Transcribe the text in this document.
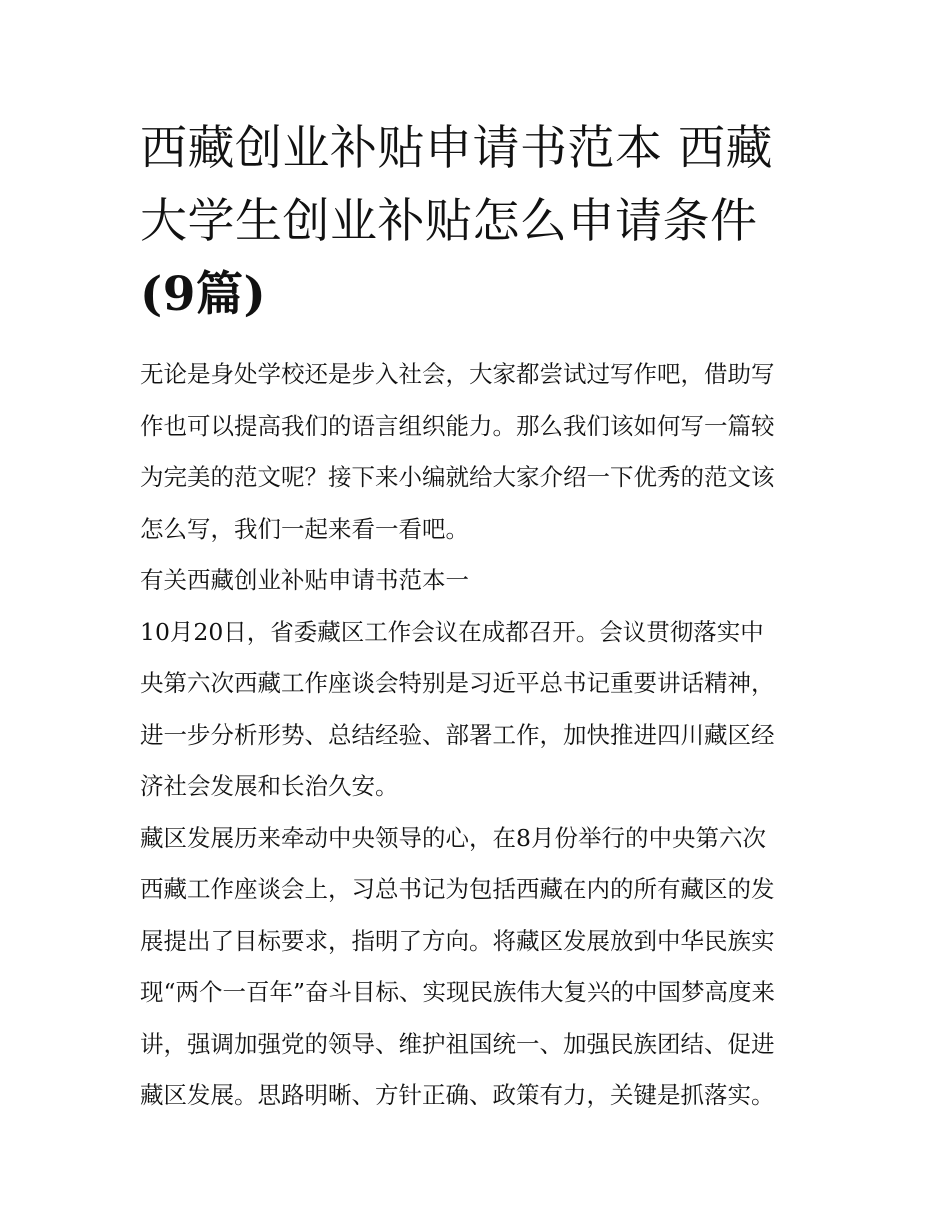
西藏创业补贴申请书范本 西藏
大学生创业补贴怎么申请条件
(9篇)

无论是身处学校还是步入社会，大家都尝试过写作吧，借助写
作也可以提高我们的语言组织能力。那么我们该如何写一篇较
为完美的范文呢？接下来小编就给大家介绍一下优秀的范文该
怎么写，我们一起来看一看吧。

有关西藏创业补贴申请书范本一

10月20日，省委藏区工作会议在成都召开。会议贯彻落实中
央第六次西藏工作座谈会特别是习近平总书记重要讲话精神，
进一步分析形势、总结经验、部署工作，加快推进四川藏区经
济社会发展和长治久安。

藏区发展历来牵动中央领导的心，在8月份举行的中央第六次
西藏工作座谈会上，习总书记为包括西藏在内的所有藏区的发
展提出了目标要求，指明了方向。将藏区发展放到中华民族实
现“两个一百年”奋斗目标、实现民族伟大复兴的中国梦高度来
讲，强调加强党的领导、维护祖国统一、加强民族团结、促进
藏区发展。思路明晰、方针正确、政策有力，关键是抓落实。
